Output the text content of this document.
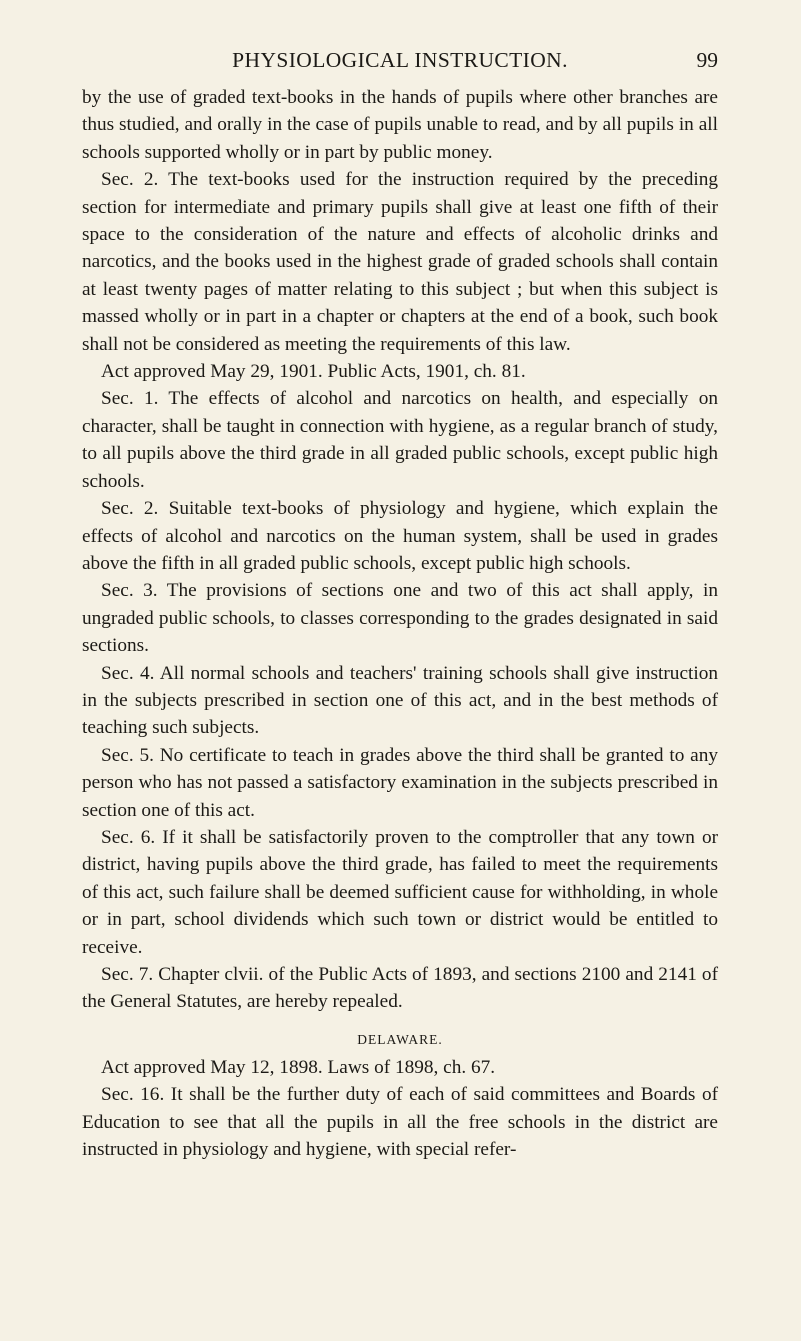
PHYSIOLOGICAL INSTRUCTION.	99

by the use of graded text-books in the hands of pupils where other branches are thus studied, and orally in the case of pupils unable to read, and by all pupils in all schools supported wholly or in part by public money.

Sec. 2. The text-books used for the instruction required by the preceding section for intermediate and primary pupils shall give at least one fifth of their space to the consideration of the nature and effects of alcoholic drinks and narcotics, and the books used in the highest grade of graded schools shall contain at least twenty pages of matter relating to this subject ; but when this subject is massed wholly or in part in a chapter or chapters at the end of a book, such book shall not be considered as meeting the requirements of this law.

Act approved May 29, 1901. Public Acts, 1901, ch. 81.

Sec. 1. The effects of alcohol and narcotics on health, and especially on character, shall be taught in connection with hygiene, as a regular branch of study, to all pupils above the third grade in all graded public schools, except public high schools.

Sec. 2. Suitable text-books of physiology and hygiene, which explain the effects of alcohol and narcotics on the human system, shall be used in grades above the fifth in all graded public schools, except public high schools.

Sec. 3. The provisions of sections one and two of this act shall apply, in ungraded public schools, to classes corresponding to the grades designated in said sections.

Sec. 4. All normal schools and teachers' training schools shall give instruction in the subjects prescribed in section one of this act, and in the best methods of teaching such subjects.

Sec. 5. No certificate to teach in grades above the third shall be granted to any person who has not passed a satisfactory examination in the subjects prescribed in section one of this act.

Sec. 6. If it shall be satisfactorily proven to the comptroller that any town or district, having pupils above the third grade, has failed to meet the requirements of this act, such failure shall be deemed sufficient cause for withholding, in whole or in part, school dividends which such town or district would be entitled to receive.

Sec. 7. Chapter clvii. of the Public Acts of 1893, and sections 2100 and 2141 of the General Statutes, are hereby repealed.

DELAWARE.

Act approved May 12, 1898. Laws of 1898, ch. 67.

Sec. 16. It shall be the further duty of each of said committees and Boards of Education to see that all the pupils in all the free schools in the district are instructed in physiology and hygiene, with special refer-
